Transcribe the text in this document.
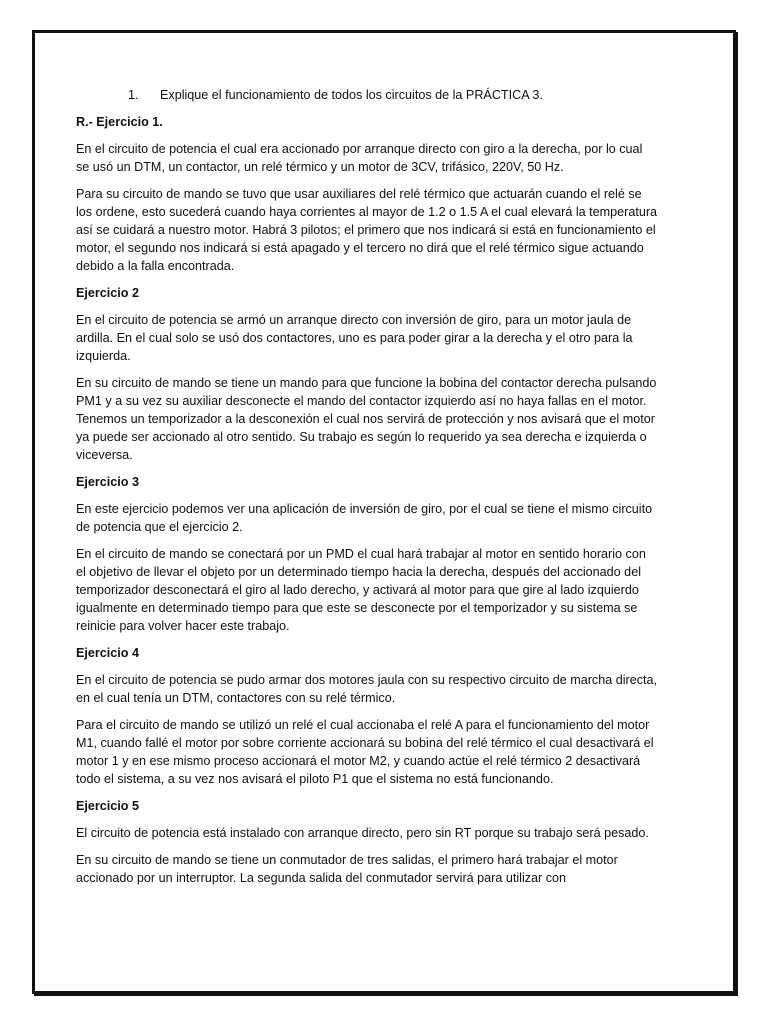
1.	Explique el funcionamiento de todos los circuitos de la PRÁCTICA 3.
R.- Ejercicio 1.

En el circuito de potencia el cual era accionado por arranque directo con giro a la derecha, por lo cual se usó un DTM, un contactor, un relé térmico y un motor de 3CV, trifásico, 220V, 50 Hz.

Para su circuito de mando se tuvo que usar auxiliares del relé térmico que actuarán cuando el relé se los ordene, esto sucederá cuando haya corrientes al mayor de 1.2 o 1.5 A el cual elevará la temperatura así se cuidará a nuestro motor. Habrá 3 pilotos; el primero que nos indicará si está en funcionamiento el motor, el segundo nos indicará si está apagado y el tercero no dirá que el relé térmico sigue actuando debido a la falla encontrada.

Ejercicio 2

En el circuito de potencia se armó un arranque directo con inversión de giro, para un motor jaula de ardilla. En el cual solo se usó dos contactores, uno es para poder girar a la derecha y el otro para la izquierda.

En su circuito de mando se tiene un mando para que funcione la bobina del contactor derecha pulsando PM1 y a su vez su auxiliar desconecte el mando del contactor izquierdo así no haya fallas en el motor. Tenemos un temporizador a la desconexión el cual nos servirá de protección y nos avisará que el motor ya puede ser accionado al otro sentido. Su trabajo es según lo requerido ya sea derecha e izquierda o viceversa.

Ejercicio 3

En este ejercicio podemos ver una aplicación de inversión de giro, por el cual se tiene el mismo circuito de potencia que el ejercicio 2.

En el circuito de mando se conectará por un PMD el cual hará trabajar al motor en sentido horario con el objetivo de llevar el objeto por un determinado tiempo hacia la derecha, después del accionado del temporizador desconectará el giro al lado derecho, y activará al motor para que gire al lado izquierdo igualmente en determinado tiempo para que este se desconecte por el temporizador y su sistema se reinicie para volver hacer este trabajo.

Ejercicio 4

En el circuito de potencia se pudo armar dos motores jaula con su respectivo circuito de marcha directa, en el cual tenía un DTM, contactores con su relé térmico.

Para el circuito de mando se utilizó un relé el cual accionaba el relé A para el funcionamiento del motor M1, cuando fallé el motor por sobre corriente accionará su bobina del relé térmico el cual desactivará el motor 1 y en ese mismo proceso accionará el motor M2, y cuando actúe el relé térmico 2 desactivará todo el sistema, a su vez nos avisará el piloto P1 que el sistema no está funcionando.

Ejercicio 5

El circuito de potencia está instalado con arranque directo, pero sin RT porque su trabajo será pesado.

En su circuito de mando se tiene un conmutador de tres salidas, el primero hará trabajar el motor accionado por un interruptor. La segunda salida del conmutador servirá para utilizar con
